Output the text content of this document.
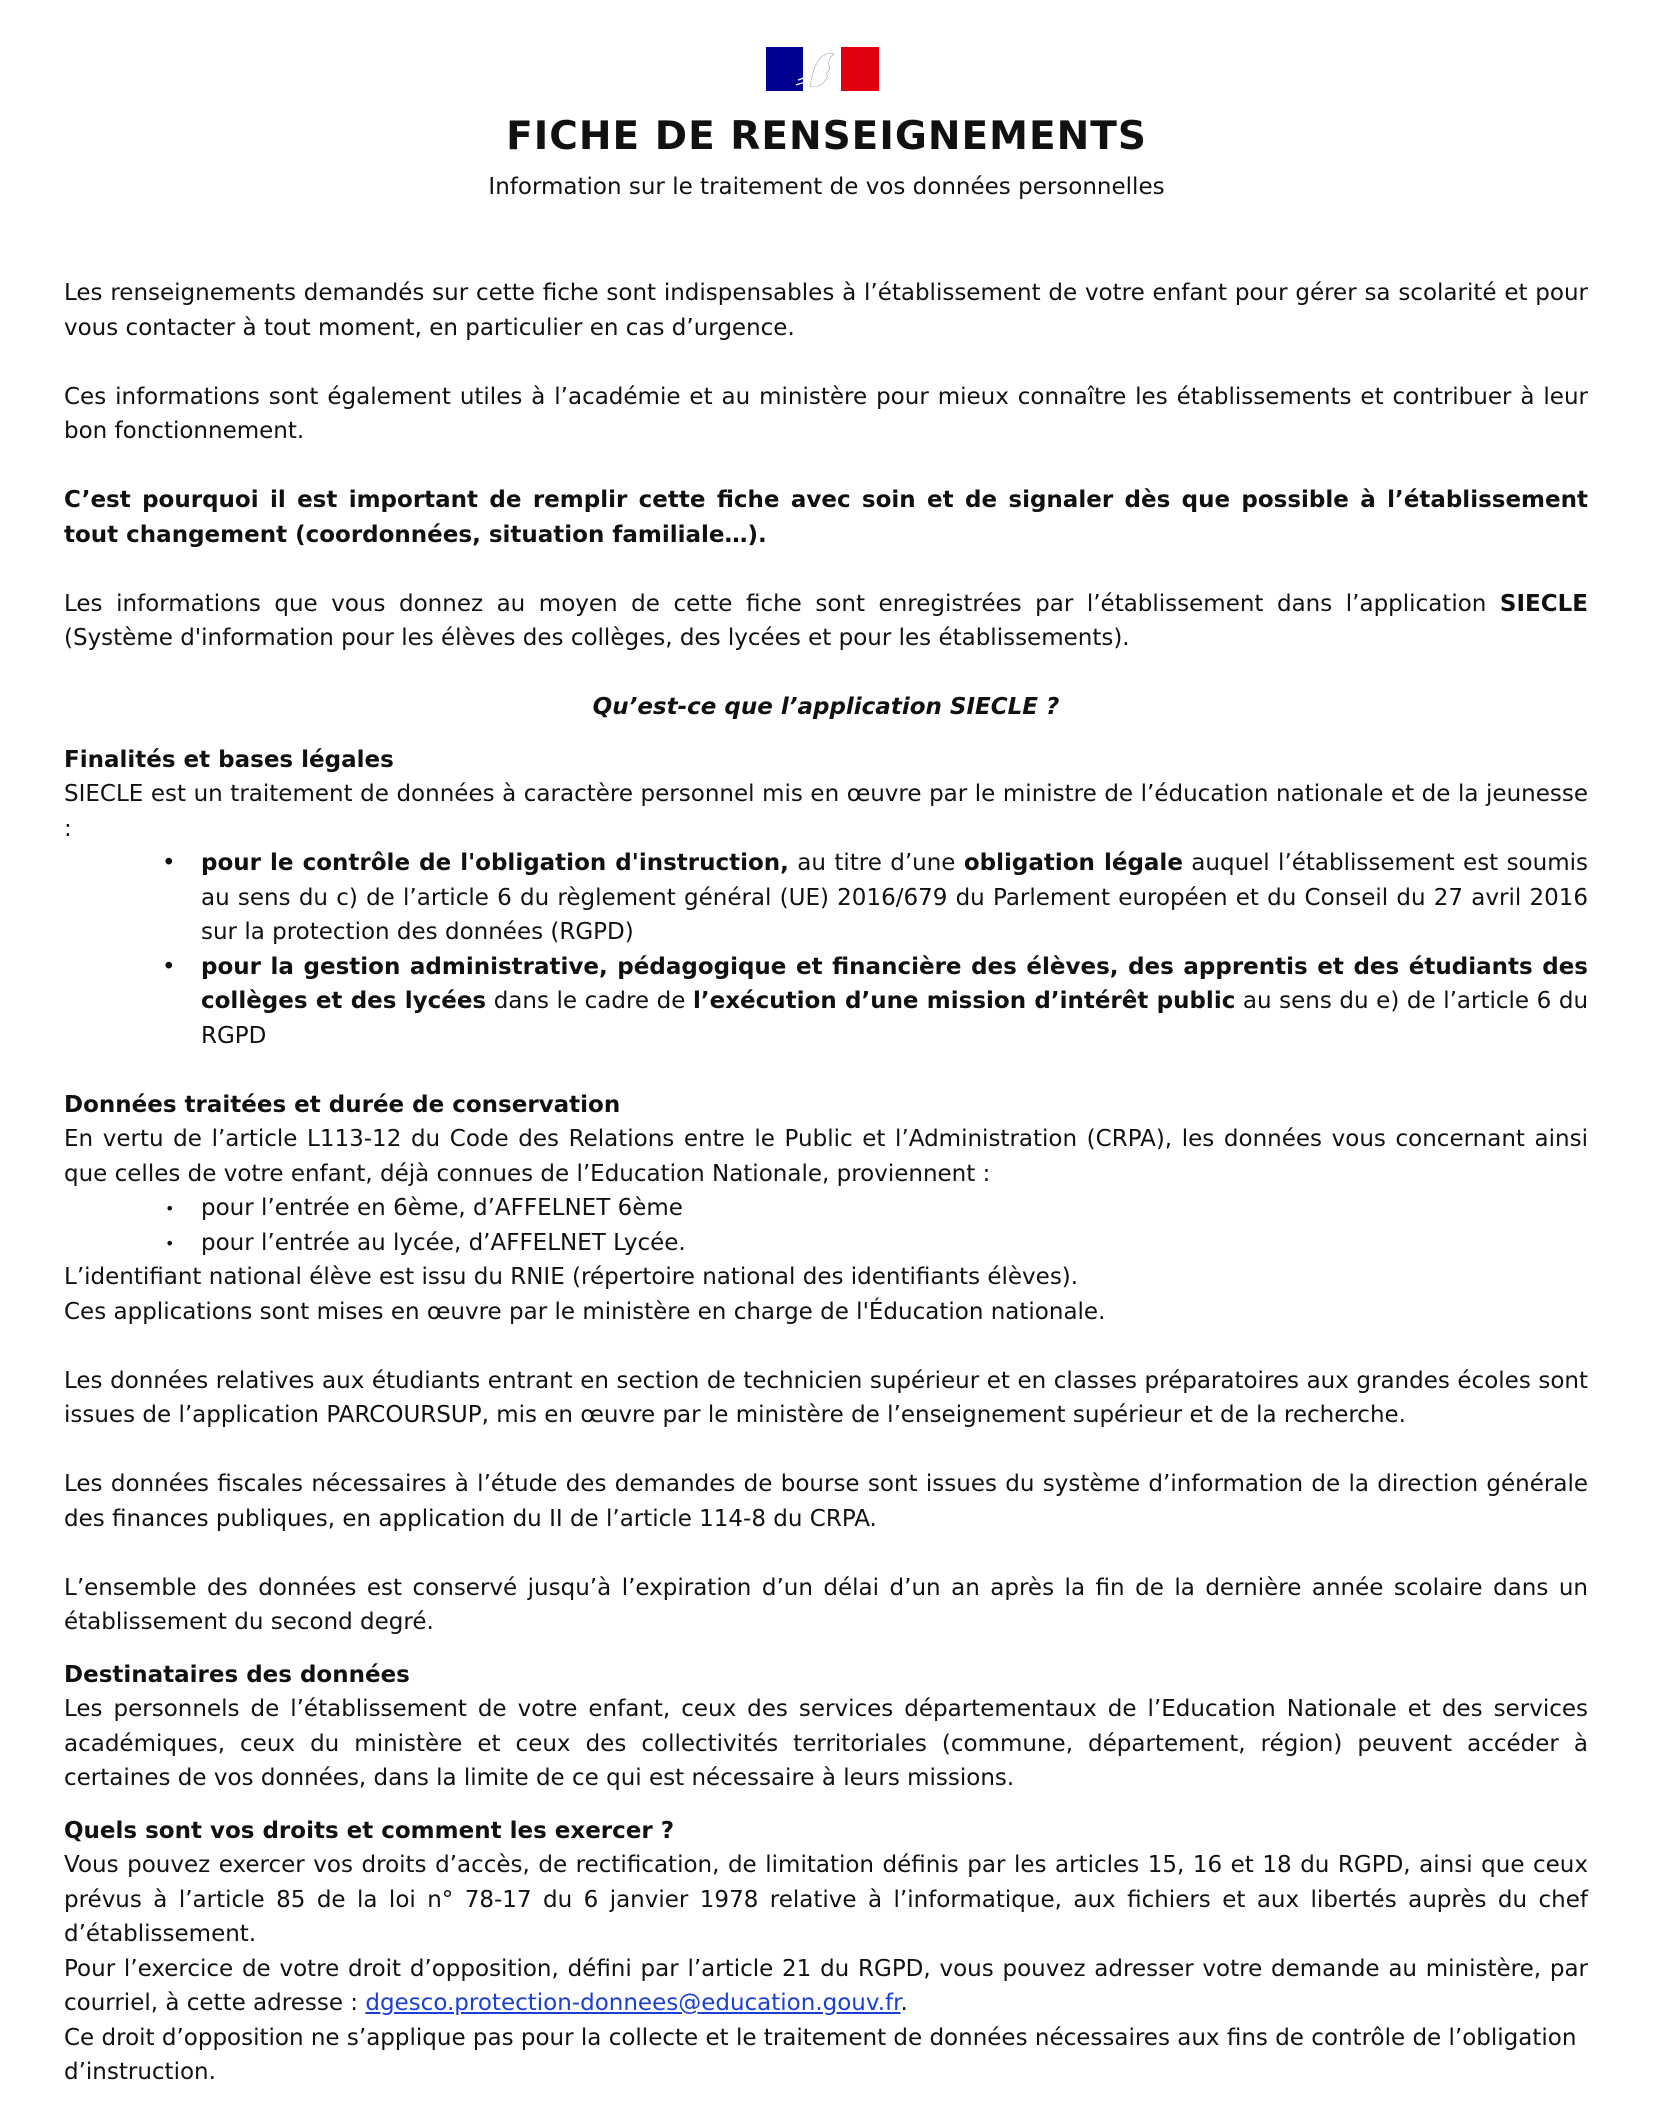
FICHE DE RENSEIGNEMENTS

Information sur le traitement de vos données personnelles

Les renseignements demandés sur cette fiche sont indispensables à l’établissement de votre enfant pour gérer sa scolarité et pour vous contacter à tout moment, en particulier en cas d’urgence.

Ces informations sont également utiles à l’académie et au ministère pour mieux connaître les établissements et contribuer à leur bon fonctionnement.

C’est pourquoi il est important de remplir cette fiche avec soin et de signaler dès que possible à l’établissement tout changement (coordonnées, situation familiale…).

Les informations que vous donnez au moyen de cette fiche sont enregistrées par l’établissement dans l’application SIECLE (Système d'information pour les élèves des collèges, des lycées et pour les établissements).

Qu’est-ce que l’application SIECLE ?

Finalités et bases légales

SIECLE est un traitement de données à caractère personnel mis en œuvre par le ministre de l’éducation nationale et de la jeunesse :

• pour le contrôle de l'obligation d'instruction, au titre d’une obligation légale auquel l’établissement est soumis au sens du c) de l’article 6 du règlement général (UE) 2016/679 du Parlement européen et du Conseil du 27 avril 2016 sur la protection des données (RGPD)
• pour la gestion administrative, pédagogique et financière des élèves, des apprentis et des étudiants des collèges et des lycées dans le cadre de l’exécution d’une mission d’intérêt public au sens du e) de l’article 6 du RGPD
Données traitées et durée de conservation

En vertu de l’article L113-12 du Code des Relations entre le Public et l’Administration (CRPA), les données vous concernant ainsi que celles de votre enfant, déjà connues de l’Education Nationale, proviennent :

• pour l’entrée en 6ème, d’AFFELNET 6ème
• pour l’entrée au lycée, d’AFFELNET Lycée.

L’identifiant national élève est issu du RNIE (répertoire national des identifiants élèves).

Ces applications sont mises en œuvre par le ministère en charge de l'Éducation nationale.

Les données relatives aux étudiants entrant en section de technicien supérieur et en classes préparatoires aux grandes écoles sont issues de l’application PARCOURSUP, mis en œuvre par le ministère de l’enseignement supérieur et de la recherche.

Les données fiscales nécessaires à l’étude des demandes de bourse sont issues du système d’information de la direction générale des finances publiques, en application du II de l’article 114-8 du CRPA.

L’ensemble des données est conservé jusqu’à l’expiration d’un délai d’un an après la fin de la dernière année scolaire dans un établissement du second degré.

Destinataires des données

Les personnels de l’établissement de votre enfant, ceux des services départementaux de l’Education Nationale et des services académiques, ceux du ministère et ceux des collectivités territoriales (commune, département, région) peuvent accéder à certaines de vos données, dans la limite de ce qui est nécessaire à leurs missions.

Quels sont vos droits et comment les exercer ?

Vous pouvez exercer vos droits d’accès, de rectification, de limitation définis par les articles 15, 16 et 18 du RGPD, ainsi que ceux prévus à l’article 85 de la loi n° 78-17 du 6 janvier 1978 relative à l’informatique, aux fichiers et aux libertés auprès du chef d’établissement.

Pour l’exercice de votre droit d’opposition, défini par l’article 21 du RGPD, vous pouvez adresser votre demande au ministère, par courriel, à cette adresse : dgesco.protection-donnees@education.gouv.fr.

Ce droit d’opposition ne s’applique pas pour la collecte et le traitement de données nécessaires aux fins de contrôle de l’obligation d’instruction.
